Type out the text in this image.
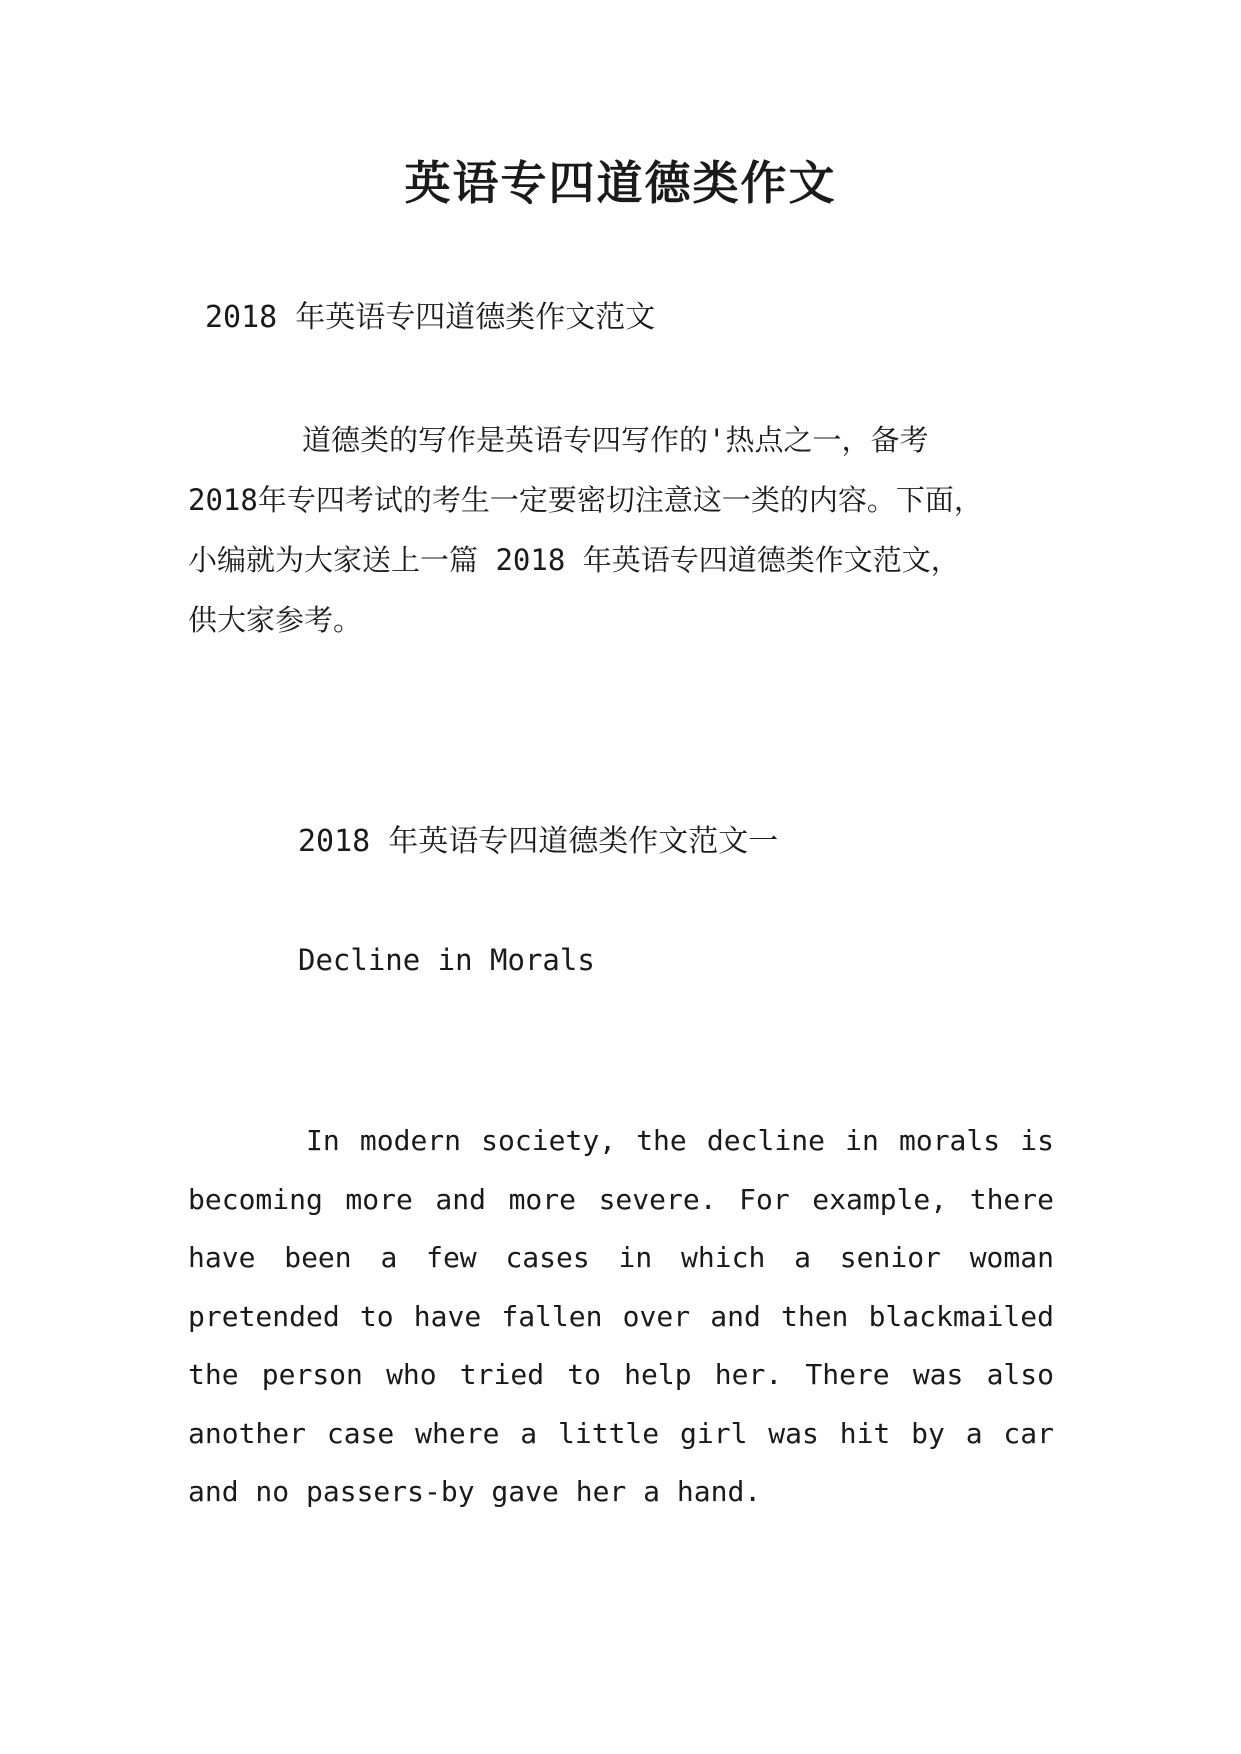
英语专四道德类作文
2018 年英语专四道德类作文范文

道德类的写作是英语专四写作的'热点之一，备考
2018年专四考试的考生一定要密切注意这一类的内容。下面，
小编就为大家送上一篇 2018 年英语专四道德类作文范文，
供大家参考。

2018 年英语专四道德类作文范文一
Decline in Morals

In modern society, the decline in morals is
becoming more and more severe. For example, there
have been a few cases in which a senior woman
pretended to have fallen over and then blackmailed
the person who tried to help her. There was also
another case where a little girl was hit by a car
and no passers-by gave her a hand.
